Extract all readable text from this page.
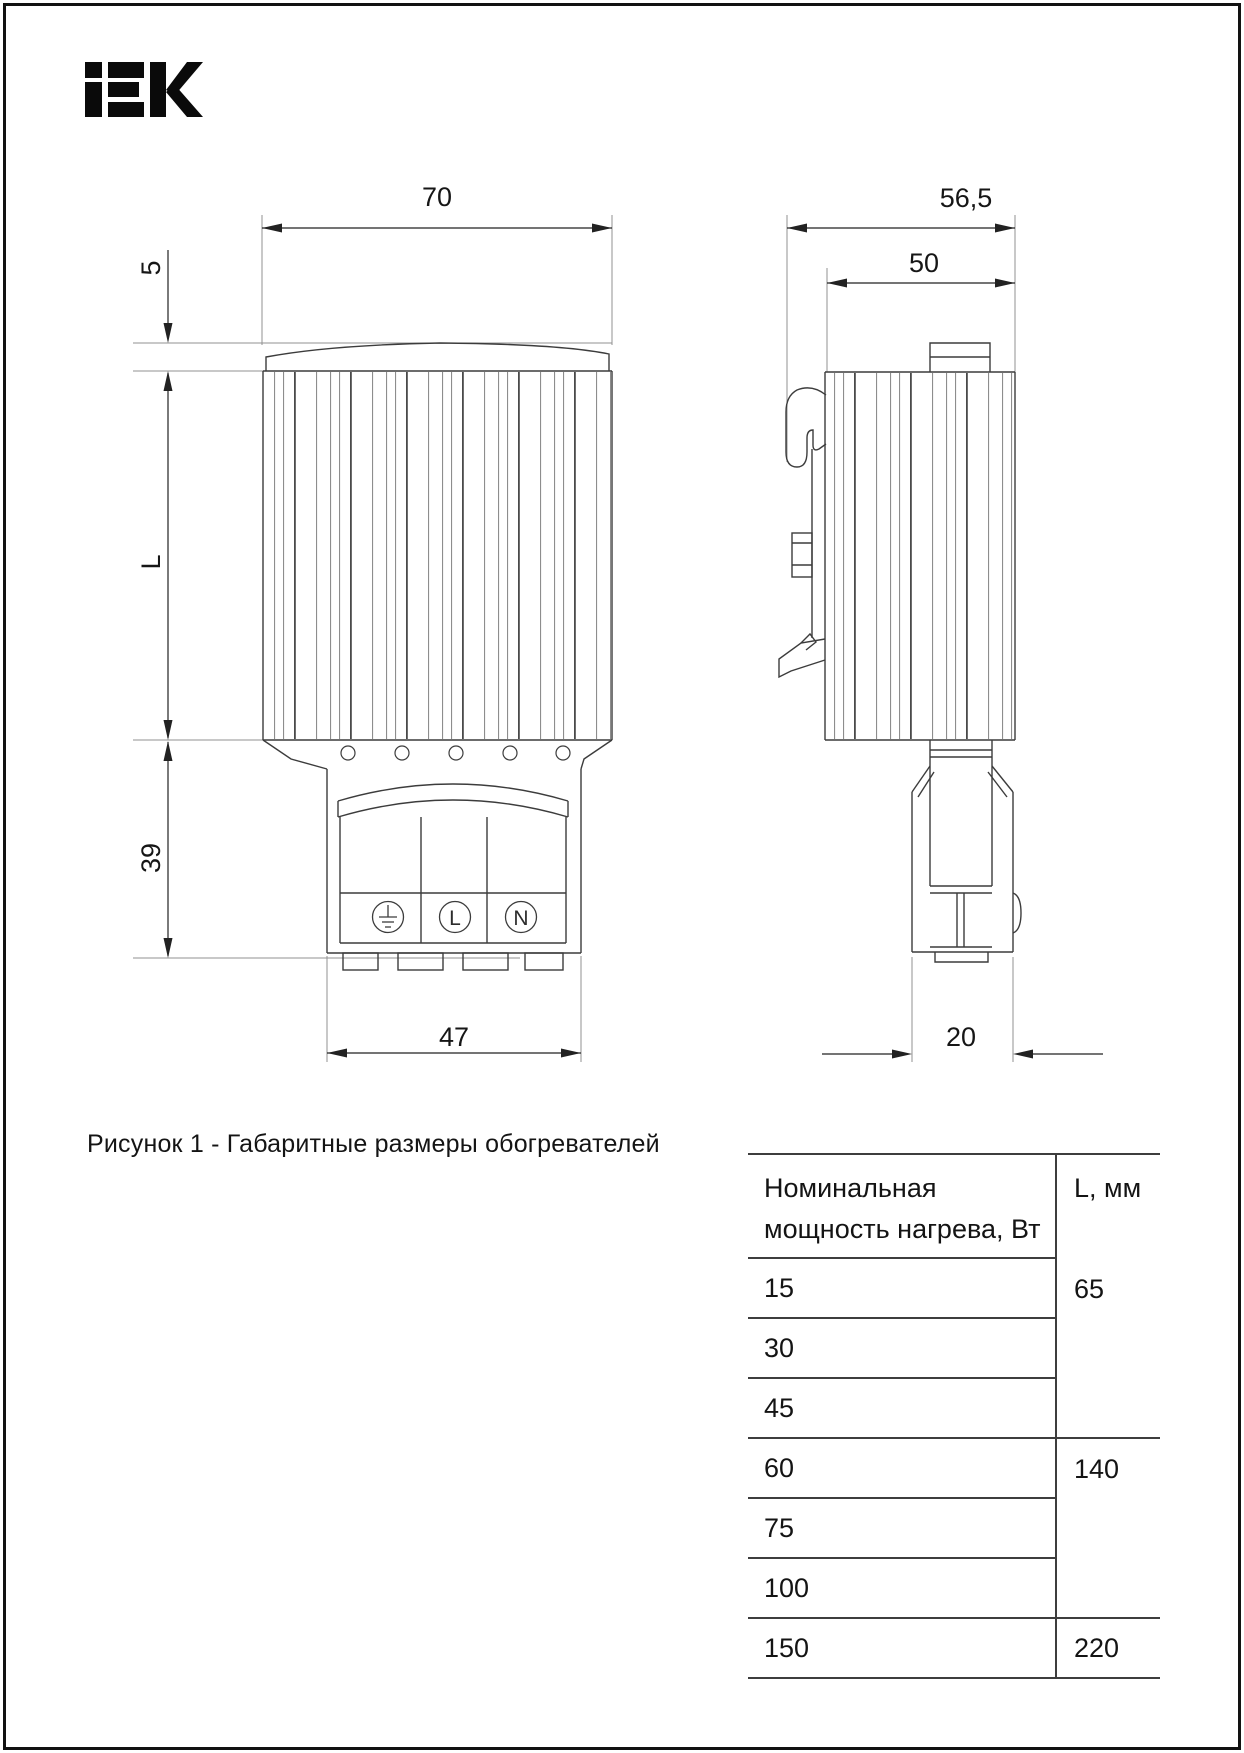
L	N
70
5
L
39
47
56,5
50
20
Рисунок 1 - Габаритные размеры обогревателей
Номинальная
мощность нагрева, Вт
L, мм
15	65
30
45
60	140
75
100
150	220
